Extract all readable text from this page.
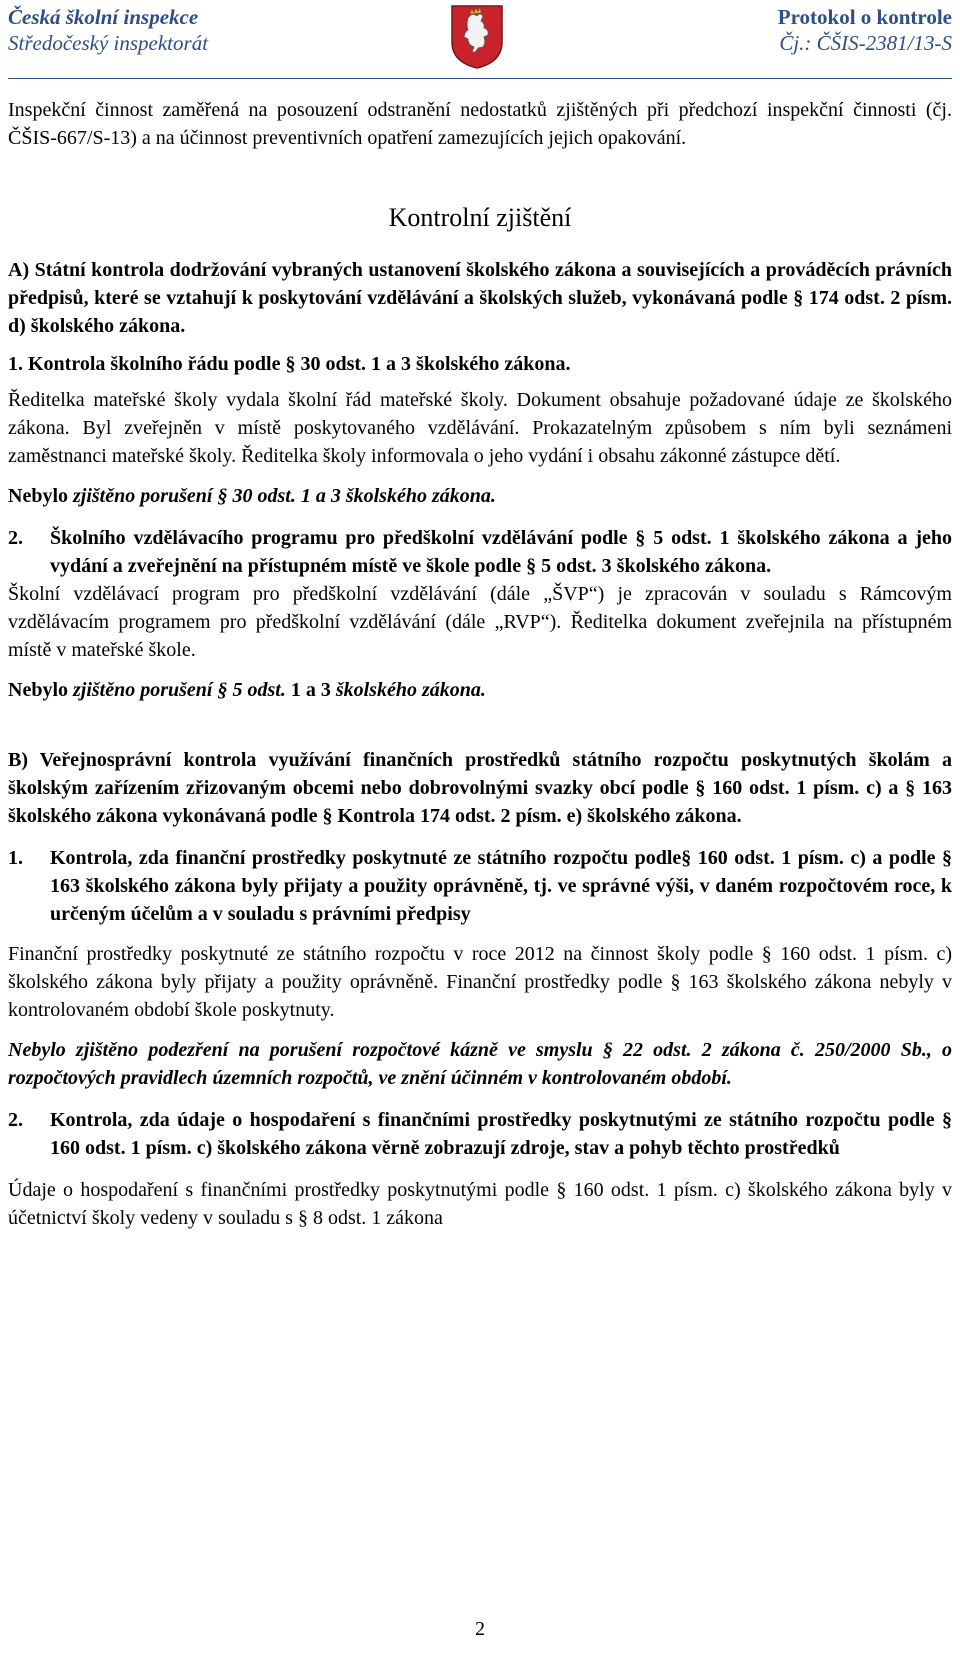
Česká školní inspekce
Středočeský inspektorát
Protokol o kontrole
Čj.: ČŠIS-2381/13-S

Inspekční činnost zaměřená na posouzení odstranění nedostatků zjištěných při předchozí inspekční činnosti (čj. ČŠIS-667/S-13) a na účinnost preventivních opatření zamezujících jejich opakování.

Kontrolní zjištění

A) Státní kontrola dodržování vybraných ustanovení školského zákona a souvisejících a prováděcích právních předpisů, které se vztahují k poskytování vzdělávání a školských služeb, vykonávaná podle § 174 odst. 2 písm. d) školského zákona.

1. Kontrola školního řádu podle § 30 odst. 1 a 3 školského zákona.

Ředitelka mateřské školy vydala školní řád mateřské školy. Dokument obsahuje požadované údaje ze školského zákona. Byl zveřejněn v místě poskytovaného vzdělávání. Prokazatelným způsobem s ním byli seznámeni zaměstnanci mateřské školy. Ředitelka školy informovala o jeho vydání i obsahu zákonné zástupce dětí.

Nebylo zjištěno porušení § 30 odst. 1 a 3 školského zákona.

2.	Školního vzdělávacího programu pro předškolní vzdělávání podle § 5 odst. 1 školského zákona a jeho vydání a zveřejnění na přístupném místě ve škole podle § 5 odst. 3 školského zákona.

Školní vzdělávací program pro předškolní vzdělávání (dále „ŠVP“) je zpracován v souladu s Rámcovým vzdělávacím programem pro předškolní vzdělávání (dále „RVP“). Ředitelka dokument zveřejnila na přístupném místě v mateřské škole.

Nebylo zjištěno porušení § 5 odst. 1 a 3 školského zákona.

B) Veřejnosprávní kontrola využívání finančních prostředků státního rozpočtu poskytnutých školám a školským zařízením zřizovaným obcemi nebo dobrovolnými svazky obcí podle § 160 odst. 1 písm. c) a § 163 školského zákona vykonávaná podle § Kontrola 174 odst. 2 písm. e) školského zákona.

1.	Kontrola, zda finanční prostředky poskytnuté ze státního rozpočtu podle§ 160 odst. 1 písm. c) a podle § 163 školského zákona byly přijaty a použity oprávněně, tj. ve správné výši, v daném rozpočtovém roce, k určeným účelům a v souladu s právními předpisy

Finanční prostředky poskytnuté ze státního rozpočtu v roce 2012 na činnost školy podle § 160 odst. 1 písm. c) školského zákona byly přijaty a použity oprávněně. Finanční prostředky podle § 163 školského zákona nebyly v kontrolovaném období škole poskytnuty.

Nebylo zjištěno podezření na porušení rozpočtové kázně ve smyslu § 22 odst. 2 zákona č. 250/2000 Sb., o rozpočtových pravidlech územních rozpočtů, ve znění účinném v kontrolovaném období.

2.	Kontrola, zda údaje o hospodaření s finančními prostředky poskytnutými ze státního rozpočtu podle § 160 odst. 1 písm. c) školského zákona věrně zobrazují zdroje, stav a pohyb těchto prostředků

Údaje o hospodaření s finančními prostředky poskytnutými podle § 160 odst. 1 písm. c) školského zákona byly v účetnictví školy vedeny v souladu s § 8 odst. 1 zákona

2
